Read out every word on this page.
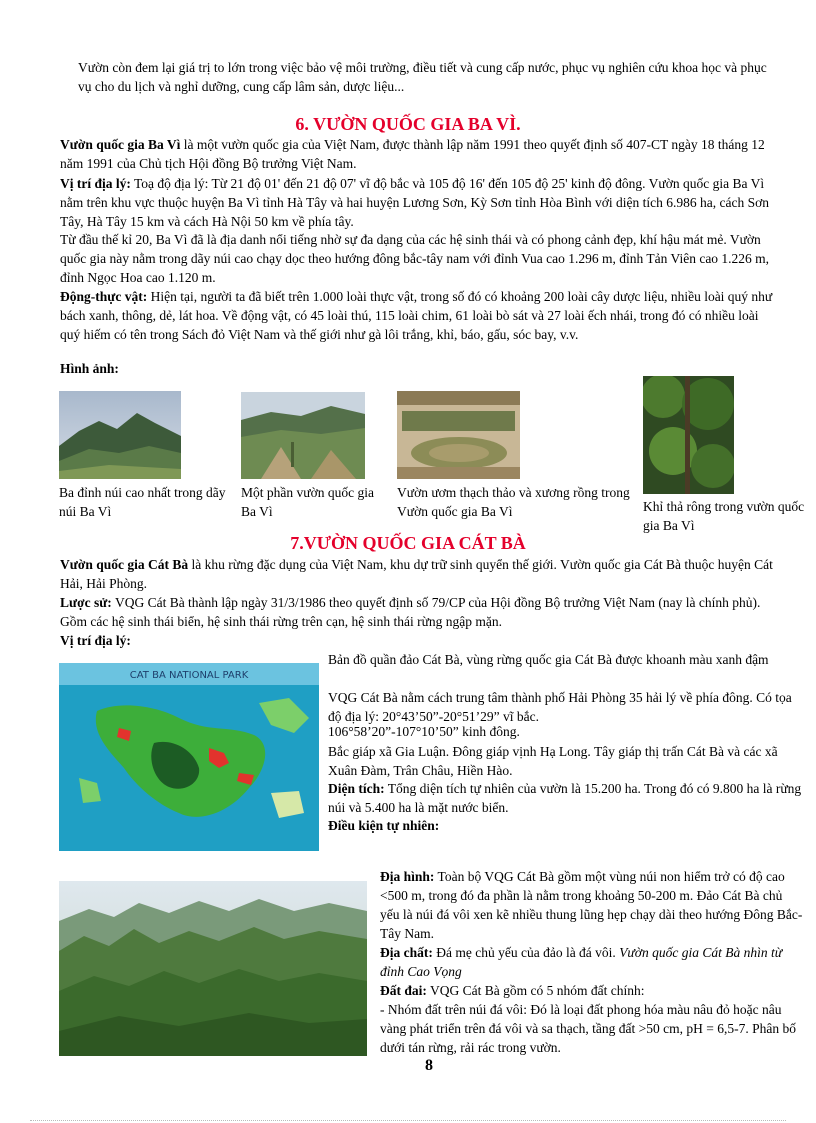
Vườn còn đem lại giá trị to lớn trong việc bảo vệ môi trường, điều tiết và cung cấp nước, phục vụ nghiên cứu khoa học và phục vụ cho du lịch và nghỉ dưỡng, cung cấp lâm sản, dược liệu...
6. VƯỜN QUỐC GIA BA VÌ.
Vườn quốc gia Ba Vì là một vườn quốc gia của Việt Nam, được thành lập năm 1991 theo quyết định số 407-CT ngày 18 tháng 12 năm 1991 của Chủ tịch Hội đồng Bộ trưởng Việt Nam.
Vị trí địa lý: Toạ độ địa lý: Từ 21 độ 01' đến 21 độ 07' vĩ độ bắc và 105 độ 16' đến 105 độ 25' kinh độ đông. Vườn quốc gia Ba Vì nằm trên khu vực thuộc huyện Ba Vì tỉnh Hà Tây và hai huyện Lương Sơn, Kỳ Sơn tỉnh Hòa Bình với diện tích 6.986 ha, cách Sơn Tây, Hà Tây 15 km và cách Hà Nội 50 km về phía tây.
Từ đầu thế kỉ 20, Ba Vì đã là địa danh nổi tiếng nhờ sự đa dạng của các hệ sinh thái và có phong cảnh đẹp, khí hậu mát mẻ. Vườn quốc gia này nằm trong dãy núi cao chạy dọc theo hướng đông bắc-tây nam với đỉnh Vua cao 1.296 m, đỉnh Tản Viên cao 1.226 m, đỉnh Ngọc Hoa cao 1.120 m.
Động-thực vật: Hiện tại, người ta đã biết trên 1.000 loài thực vật, trong số đó có khoảng 200 loài cây dược liệu, nhiều loài quý như bách xanh, thông, dẻ, lát hoa. Về động vật, có 45 loài thú, 115 loài chim, 61 loài bò sát và 27 loài ếch nhái, trong đó có nhiều loài quý hiếm có tên trong Sách đỏ Việt Nam và thế giới như gà lôi trắng, khỉ, báo, gấu, sóc bay, v.v.
Hình ảnh:
Ba đỉnh núi cao nhất trong dãy núi Ba Vì
Một phần vườn quốc gia Ba Vì
Vườn ươm thạch thảo và xương rồng trong Vườn quốc gia Ba Vì	Khỉ thả rông trong vườn quốc gia Ba Vì
7.VƯỜN QUỐC GIA CÁT BÀ
Vườn quốc gia Cát Bà là khu rừng đặc dụng của Việt Nam, khu dự trữ sinh quyển thế giới. Vườn quốc gia Cát Bà thuộc huyện Cát Hải, Hải Phòng.
Lược sử: VQG Cát Bà thành lập ngày 31/3/1986 theo quyết định số 79/CP của Hội đồng Bộ trưởng Việt Nam (nay là chính phủ). Gồm các hệ sinh thái biển, hệ sinh thái rừng trên cạn, hệ sinh thái rừng ngập mặn.
Vị trí địa lý:
CAT BA NATIONAL PARK
Bản đồ quần đảo Cát Bà, vùng rừng quốc gia Cát Bà được khoanh màu xanh đậm
VQG Cát Bà nằm cách trung tâm thành phố Hải Phòng 35 hải lý về phía đông. Có tọa độ địa lý: 20°43’50”-20°51’29” vĩ bắc.
106°58’20”-107°10’50” kinh đông.
Bắc giáp xã Gia Luận. Đông giáp vịnh Hạ Long. Tây giáp thị trấn Cát Bà và các xã Xuân Đàm, Trân Châu, Hiền Hào.
Diện tích: Tổng diện tích tự nhiên của vườn là 15.200 ha. Trong đó có 9.800 ha là rừng núi và 5.400 ha là mặt nước biển.
Điều kiện tự nhiên:
Địa hình: Toàn bộ VQG Cát Bà gồm một vùng núi non hiểm trở có độ cao <500 m, trong đó đa phần là nằm trong khoảng 50-200 m. Đảo Cát Bà chủ yếu là núi đá vôi xen kẽ nhiều thung lũng hẹp chạy dài theo hướng Đông Bắc-Tây Nam.
Địa chất: Đá mẹ chủ yếu của đảo là đá vôi. Vườn quốc gia Cát Bà nhìn từ đỉnh Cao Vọng
Đất đai: VQG Cát Bà gồm có 5 nhóm đất chính:
- Nhóm đất trên núi đá vôi: Đó là loại đất phong hóa màu nâu đỏ hoặc nâu vàng phát triển trên đá vôi và sa thạch, tầng đất >50 cm, pH = 6,5-7. Phân bố dưới tán rừng, rải rác trong vườn.
8
